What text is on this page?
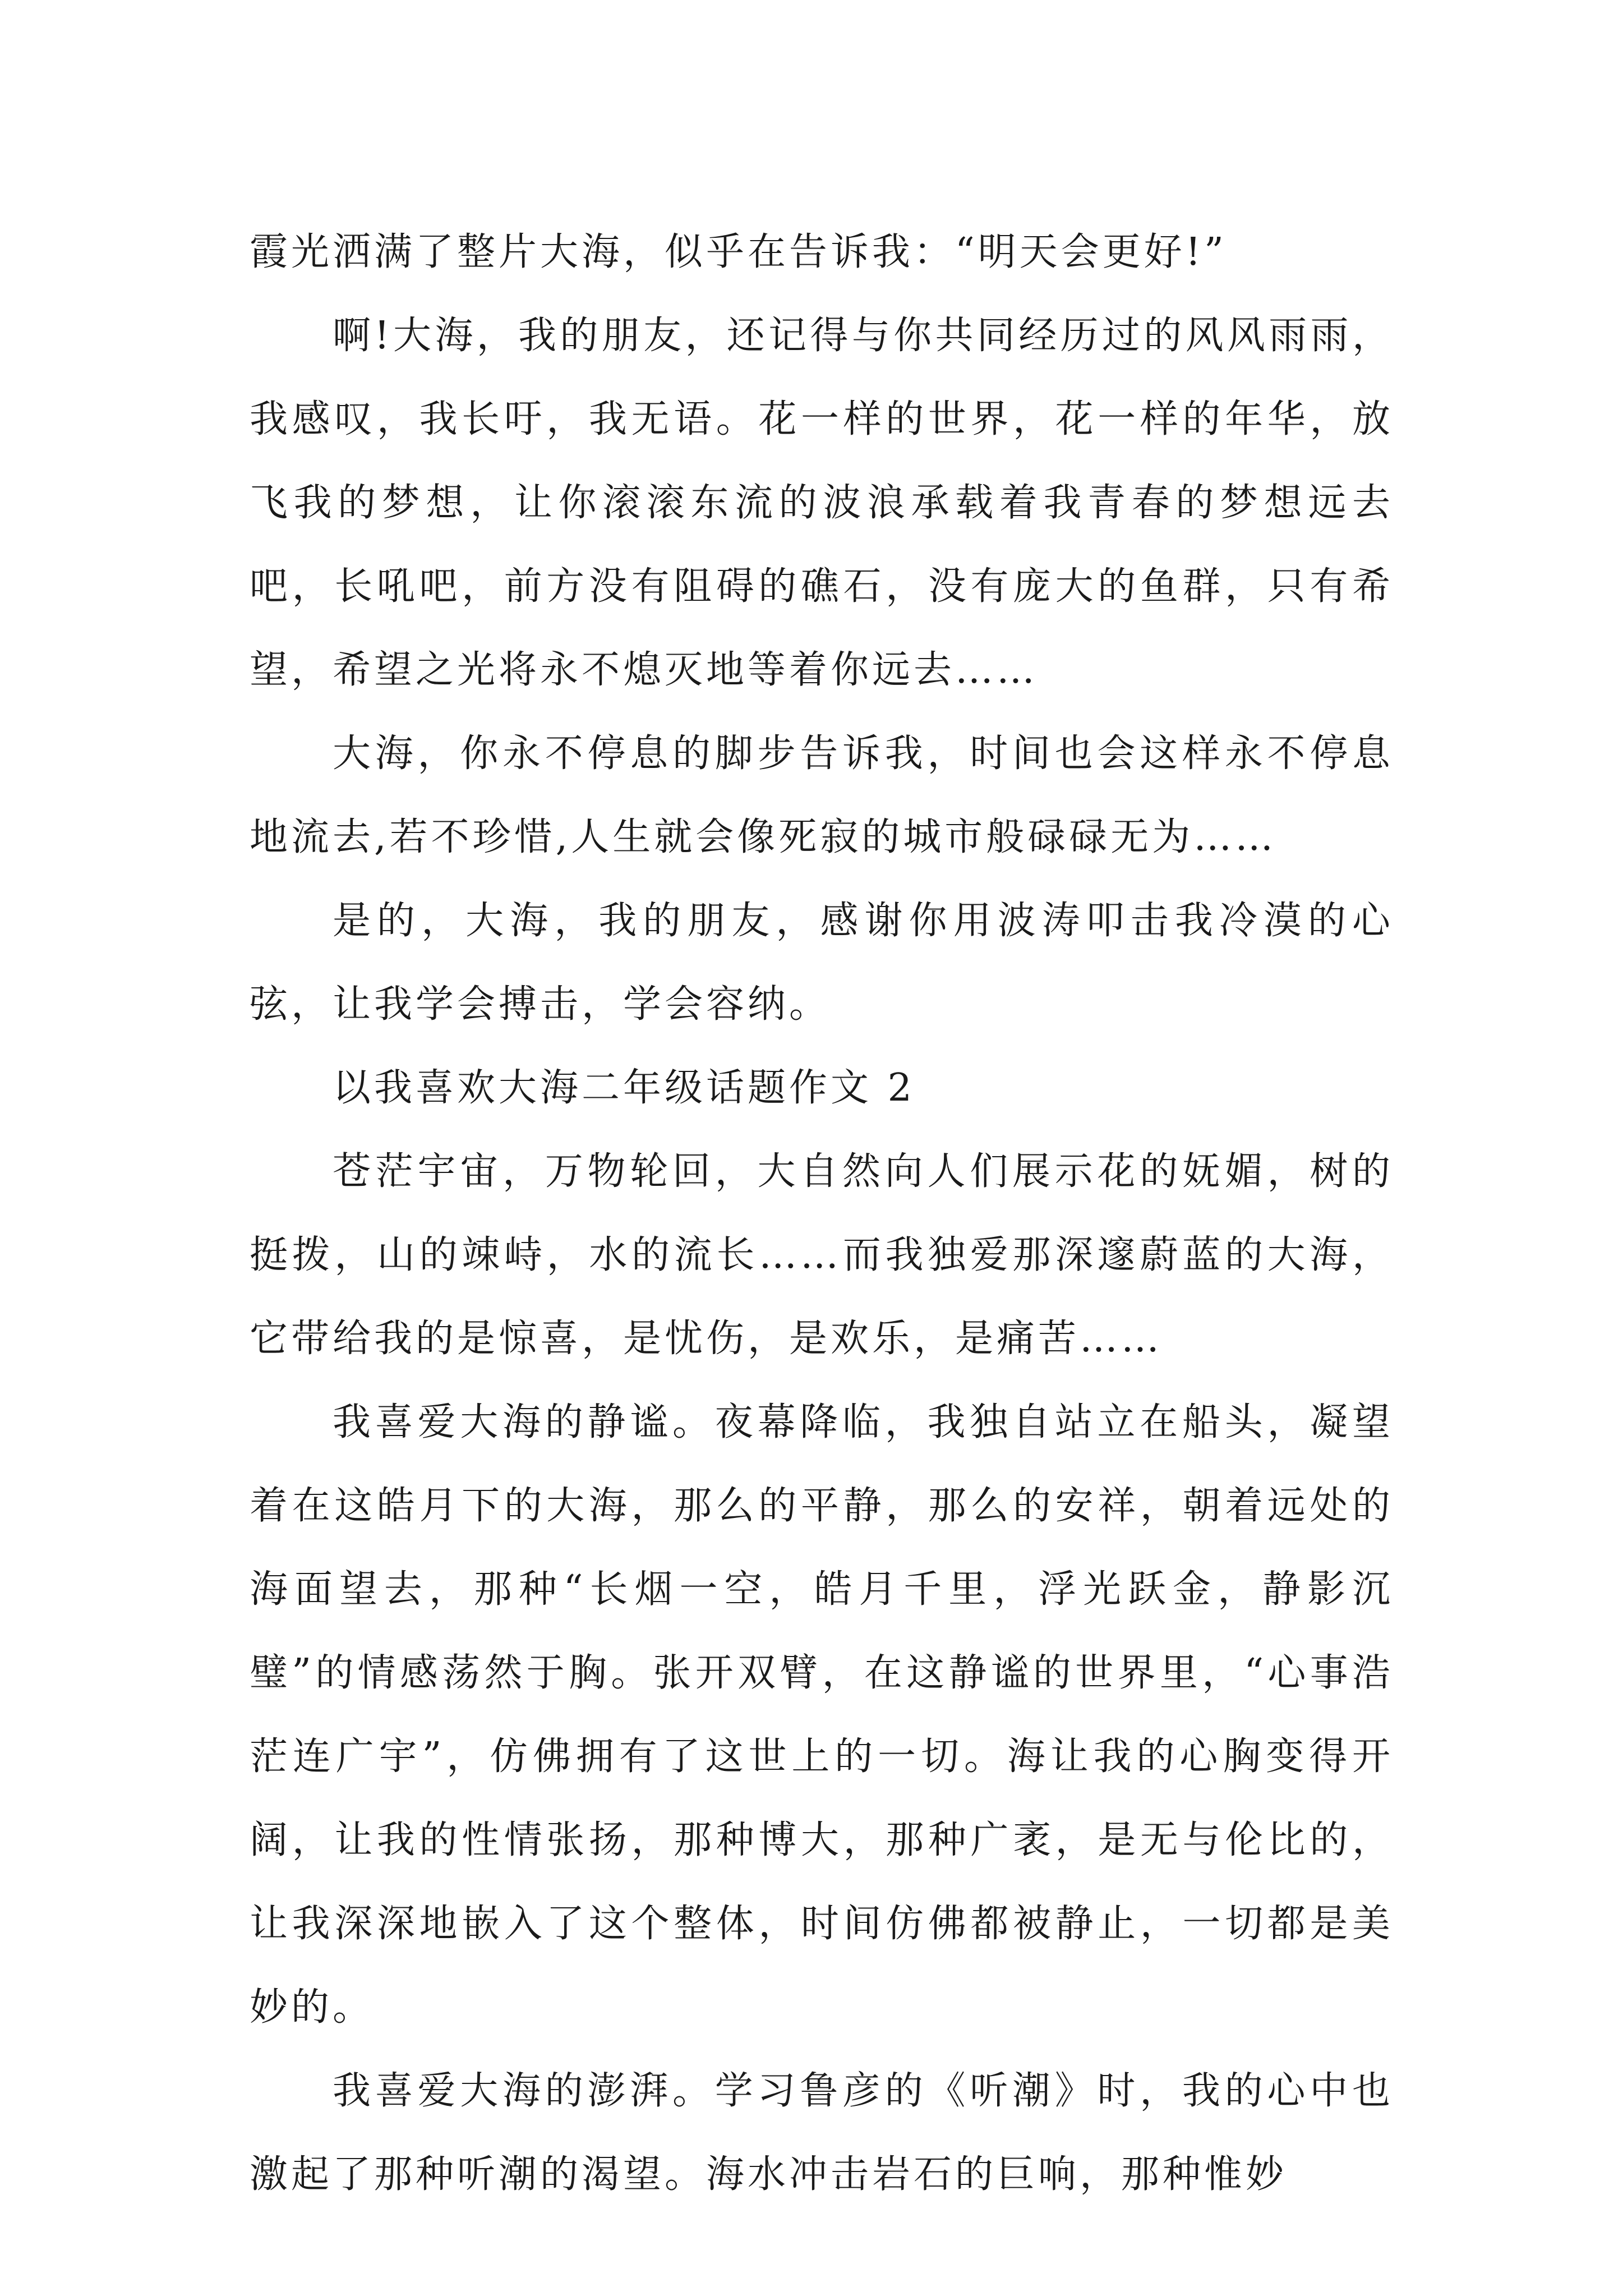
霞光洒满了整片大海，似乎在告诉我：“明天会更好!”

啊!大海，我的朋友，还记得与你共同经历过的风风雨雨，我感叹，我长吁，我无语。花一样的世界，花一样的年华，放飞我的梦想，让你滚滚东流的波浪承载着我青春的梦想远去吧，长吼吧，前方没有阻碍的礁石，没有庞大的鱼群，只有希望，希望之光将永不熄灭地等着你远去……

大海，你永不停息的脚步告诉我，时间也会这样永不停息地流去,若不珍惜,人生就会像死寂的城市般碌碌无为……

是的，大海，我的朋友，感谢你用波涛叩击我冷漠的心弦，让我学会搏击，学会容纳。

以我喜欢大海二年级话题作文 2

苍茫宇宙，万物轮回，大自然向人们展示花的妩媚，树的挺拨，山的竦峙，水的流长……而我独爱那深邃蔚蓝的大海，它带给我的是惊喜，是忧伤，是欢乐，是痛苦……

我喜爱大海的静谧。夜幕降临，我独自站立在船头，凝望着在这皓月下的大海，那么的平静，那么的安祥，朝着远处的海面望去，那种“长烟一空，皓月千里，浮光跃金，静影沉璧”的情感荡然于胸。张开双臂，在这静谧的世界里，“心事浩茫连广宇”，仿佛拥有了这世上的一切。海让我的心胸变得开阔，让我的性情张扬，那种博大，那种广袤，是无与伦比的，让我深深地嵌入了这个整体，时间仿佛都被静止，一切都是美妙的。

我喜爱大海的澎湃。学习鲁彦的《听潮》时，我的心中也激起了那种听潮的渴望。海水冲击岩石的巨响，那种惟妙
